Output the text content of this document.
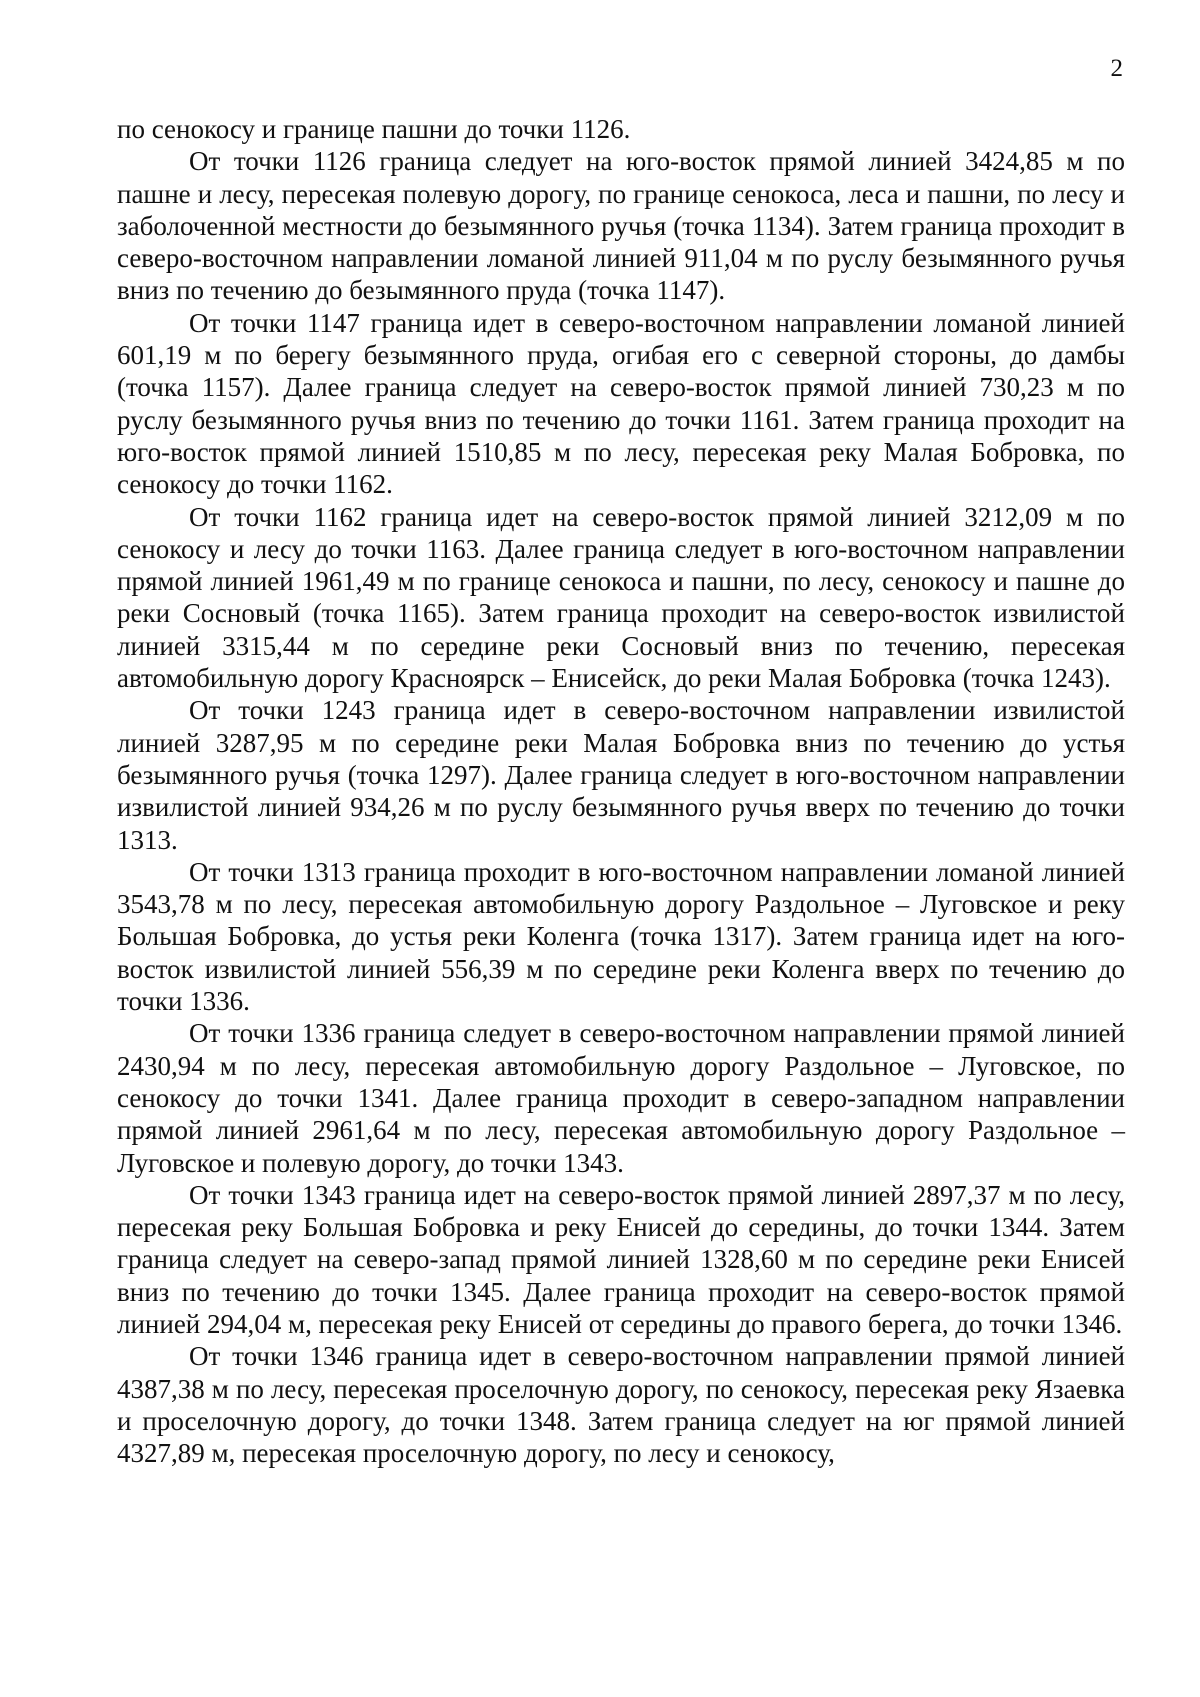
2

по сенокосу и границе пашни до точки 1126.

От точки 1126 граница следует на юго-восток прямой линией 3424,85 м по пашне и лесу, пересекая полевую дорогу, по границе сенокоса, леса и пашни, по лесу и заболоченной местности до безымянного ручья (точка 1134). Затем граница проходит в северо-восточном направлении ломаной линией 911,04 м по руслу безымянного ручья вниз по течению до безымянного пруда (точка 1147).

От точки 1147 граница идет в северо-восточном направлении ломаной линией 601,19 м по берегу безымянного пруда, огибая его с северной стороны, до дамбы (точка 1157). Далее граница следует на северо-восток прямой линией 730,23 м по руслу безымянного ручья вниз по течению до точки 1161. Затем граница проходит на юго-восток прямой линией 1510,85 м по лесу, пересекая реку Малая Бобровка, по сенокосу до точки 1162.

От точки 1162 граница идет на северо-восток прямой линией 3212,09 м по сенокосу и лесу до точки 1163. Далее граница следует в юго-восточном направлении прямой линией 1961,49 м по границе сенокоса и пашни, по лесу, сенокосу и пашне до реки Сосновый (точка 1165). Затем граница проходит на северо-восток извилистой линией 3315,44 м по середине реки Сосновый вниз по течению, пересекая автомобильную дорогу Красноярск – Енисейск, до реки Малая Бобровка (точка 1243).

От точки 1243 граница идет в северо-восточном направлении извилистой линией 3287,95 м по середине реки Малая Бобровка вниз по течению до устья безымянного ручья (точка 1297). Далее граница следует в юго-восточном направлении извилистой линией 934,26 м по руслу безымянного ручья вверх по течению до точки 1313.

От точки 1313 граница проходит в юго-восточном направлении ломаной линией 3543,78 м по лесу, пересекая автомобильную дорогу Раздольное – Луговское и реку Большая Бобровка, до устья реки Коленга (точка 1317). Затем граница идет на юго-восток извилистой линией 556,39 м по середине реки Коленга вверх по течению до точки 1336.

От точки 1336 граница следует в северо-восточном направлении прямой линией 2430,94 м по лесу, пересекая автомобильную дорогу Раздольное – Луговское, по сенокосу до точки 1341. Далее граница проходит в северо-западном направлении прямой линией 2961,64 м по лесу, пересекая автомобильную дорогу Раздольное – Луговское и полевую дорогу, до точки 1343.

От точки 1343 граница идет на северо-восток прямой линией 2897,37 м по лесу, пересекая реку Большая Бобровка и реку Енисей до середины, до точки 1344. Затем граница следует на северо-запад прямой линией 1328,60 м по середине реки Енисей вниз по течению до точки 1345. Далее граница проходит на северо-восток прямой линией 294,04 м, пересекая реку Енисей от середины до правого берега, до точки 1346.

От точки 1346 граница идет в северо-восточном направлении прямой линией 4387,38 м по лесу, пересекая проселочную дорогу, по сенокосу, пересекая реку Язаевка и проселочную дорогу, до точки 1348. Затем граница следует на юг прямой линией 4327,89 м, пересекая проселочную дорогу, по лесу и сенокосу,
